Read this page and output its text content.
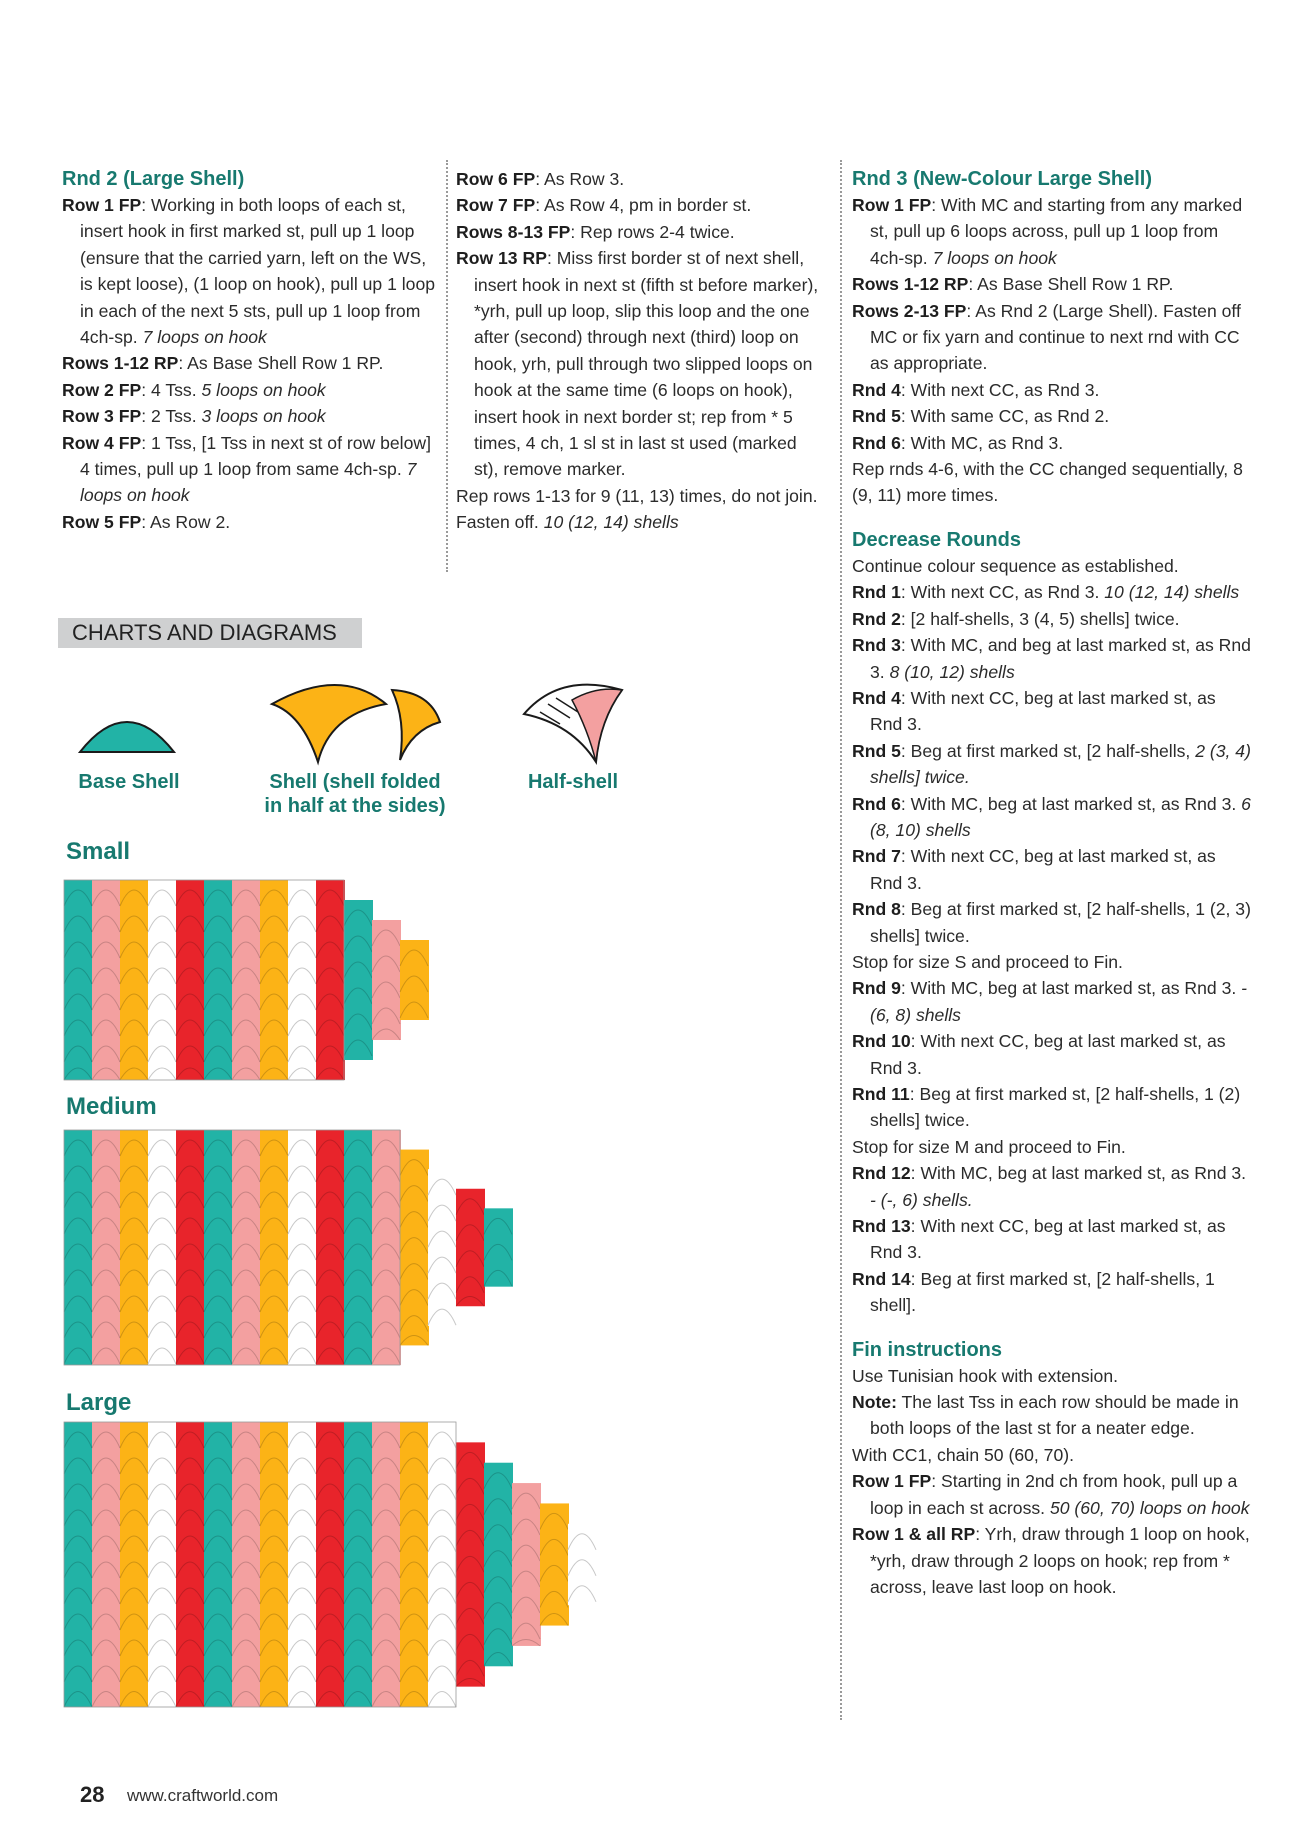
Rnd 2 (Large Shell)

Row 1 FP: Working in both loops of each st, insert hook in first marked st, pull up 1 loop (ensure that the carried yarn, left on the WS, is kept loose), (1 loop on hook), pull up 1 loop in each of the next 5 sts, pull up 1 loop from 4ch-sp. 7 loops on hook

Rows 1-12 RP: As Base Shell Row 1 RP.

Row 2 FP: 4 Tss. 5 loops on hook

Row 3 FP: 2 Tss. 3 loops on hook

Row 4 FP: 1 Tss, [1 Tss in next st of row below] 4 times, pull up 1 loop from same 4ch-sp. 7 loops on hook

Row 5 FP: As Row 2.

Row 6 FP: As Row 3.

Row 7 FP: As Row 4, pm in border st.

Rows 8-13 FP: Rep rows 2-4 twice.

Row 13 RP: Miss first border st of next shell, insert hook in next st (fifth st before marker), *yrh, pull up loop, slip this loop and the one after (second) through next (third) loop on hook, yrh, pull through two slipped loops on hook at the same time (6 loops on hook), insert hook in next border st; rep from * 5 times, 4 ch, 1 sl st in last st used (marked st), remove marker.

Rep rows 1-13 for 9 (11, 13) times, do not join. Fasten off. 10 (12, 14) shells

Rnd 3 (New-Colour Large Shell)

Row 1 FP: With MC and starting from any marked st, pull up 6 loops across, pull up 1 loop from 4ch-sp. 7 loops on hook

Rows 1-12 RP: As Base Shell Row 1 RP.

Rows 2-13 FP: As Rnd 2 (Large Shell). Fasten off MC or fix yarn and continue to next rnd with CC as appropriate.

Rnd 4: With next CC, as Rnd 3.

Rnd 5: With same CC, as Rnd 2.

Rnd 6: With MC, as Rnd 3.

Rep rnds 4-6, with the CC changed sequentially, 8 (9, 11) more times.

Decrease Rounds

Continue colour sequence as established.

Rnd 1: With next CC, as Rnd 3. 10 (12, 14) shells

Rnd 2: [2 half-shells, 3 (4, 5) shells] twice.

Rnd 3: With MC, and beg at last marked st, as Rnd 3. 8 (10, 12) shells

Rnd 4: With next CC, beg at last marked st, as Rnd 3.

Rnd 5: Beg at first marked st, [2 half-shells, 2 (3, 4) shells] twice.

Rnd 6: With MC, beg at last marked st, as Rnd 3. 6 (8, 10) shells

Rnd 7: With next CC, beg at last marked st, as Rnd 3.

Rnd 8: Beg at first marked st, [2 half-shells, 1 (2, 3) shells] twice.

Stop for size S and proceed to Fin.

Rnd 9: With MC, beg at last marked st, as Rnd 3. - (6, 8) shells

Rnd 10: With next CC, beg at last marked st, as Rnd 3.

Rnd 11: Beg at first marked st, [2 half-shells, 1 (2) shells] twice.

Stop for size M and proceed to Fin.

Rnd 12: With MC, beg at last marked st, as Rnd 3. - (-, 6) shells.

Rnd 13: With next CC, beg at last marked st, as Rnd 3.

Rnd 14: Beg at first marked st, [2 half-shells, 1 shell].

Fin instructions

Use Tunisian hook with extension.

Note: The last Tss in each row should be made in both loops of the last st for a neater edge.

With CC1, chain 50 (60, 70).

Row 1 FP: Starting in 2nd ch from hook, pull up a loop in each st across. 50 (60, 70) loops on hook

Row 1 & all RP: Yrh, draw through 1 loop on hook, *yrh, draw through 2 loops on hook; rep from * across, leave last loop on hook.

CHARTS AND DIAGRAMS
Base Shell	Shell (shell folded
in half at the sides)
Half-shell
Small
Medium
Large
28 www.craftworld.com
